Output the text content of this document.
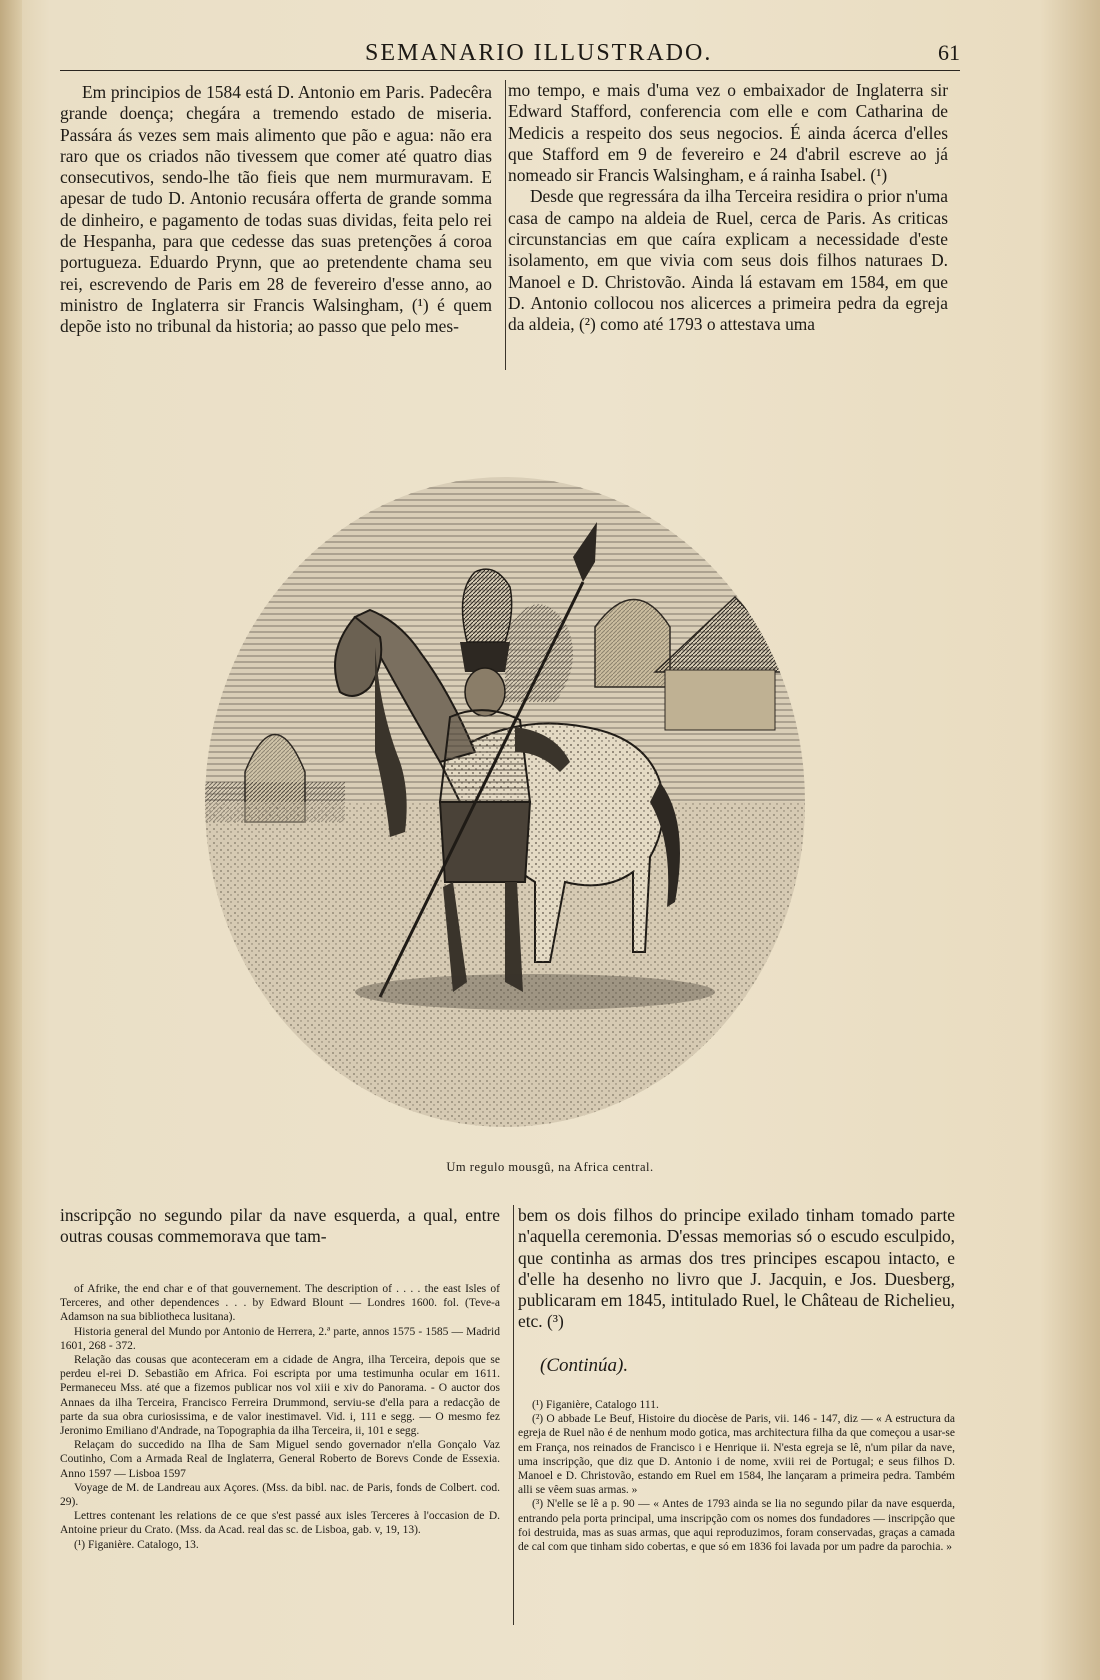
SEMANARIO ILLUSTRADO.	61

Em principios de 1584 está D. Antonio em Paris. Padecêra grande doença; chegára a tremendo estado de miseria. Passára ás vezes sem mais alimento que pão e agua: não era raro que os criados não tivessem que comer até quatro dias consecutivos, sendo-lhe tão fieis que nem murmuravam. E apesar de tudo D. Antonio recusára offerta de grande somma de dinheiro, e pagamento de todas suas dividas, feita pelo rei de Hespanha, para que cedesse das suas pretenções á coroa portugueza. Eduardo Prynn, que ao pretendente chama seu rei, escrevendo de Paris em 28 de fevereiro d'esse anno, ao ministro de Inglaterra sir Francis Walsingham, (¹) é quem depõe isto no tribunal da historia; ao passo que pelo mes-

mo tempo, e mais d'uma vez o embaixador de Inglaterra sir Edward Stafford, conferencia com elle e com Catharina de Medicis a respeito dos seus negocios. É ainda ácerca d'elles que Stafford em 9 de fevereiro e 24 d'abril escreve ao já nomeado sir Francis Walsingham, e á rainha Isabel. (¹)

Desde que regressára da ilha Terceira residira o prior n'uma casa de campo na aldeia de Ruel, cerca de Paris. As criticas circunstancias em que caíra explicam a necessidade d'este isolamento, em que vivia com seus dois filhos naturaes D. Manoel e D. Christovão. Ainda lá estavam em 1584, em que D. Antonio collocou nos alicerces a primeira pedra da egreja da aldeia, (²) como até 1793 o attestava uma

Um regulo mousgû, na Africa central.

inscripção no segundo pilar da nave esquerda, a qual, entre outras cousas commemorava que tam-

bem os dois filhos do principe exilado tinham tomado parte n'aquella ceremonia. D'essas memorias só o escudo esculpido, que continha as armas dos tres principes escapou intacto, e d'elle ha desenho no livro que J. Jacquin, e Jos. Duesberg, publicaram em 1845, intitulado Ruel, le Château de Richelieu, etc. (³)

(Continúa).

of Afrike, the end char e of that gouvernement. The description of . . . . the east Isles of Terceres, and other dependences . . . by Edward Blount — Londres 1600. fol. (Teve-a Adamson na sua bibliotheca lusitana).

Historia general del Mundo por Antonio de Herrera, 2.ª parte, annos 1575 - 1585 — Madrid 1601, 268 - 372.

Relação das cousas que aconteceram em a cidade de Angra, ilha Terceira, depois que se perdeu el-rei D. Sebastião em Africa. Foi escripta por uma testimunha ocular em 1611. Permaneceu Mss. até que a fizemos publicar nos vol xiii e xiv do Panorama. - O auctor dos Annaes da ilha Terceira, Francisco Ferreira Drummond, serviu-se d'ella para a redacção de parte da sua obra curiosissima, e de valor inestimavel. Vid. i, 111 e segg. — O mesmo fez Jeronimo Emiliano d'Andrade, na Topographia da ilha Terceira, ii, 101 e segg.

Relaçam do succedido na Ilha de Sam Miguel sendo governador n'ella Gonçalo Vaz Coutinho, Com a Armada Real de Inglaterra, General Roberto de Borevs Conde de Essexia. Anno 1597 — Lisboa 1597

Voyage de M. de Landreau aux Açores. (Mss. da bibl. nac. de Paris, fonds de Colbert. cod. 29).

Lettres contenant les relations de ce que s'est passé aux isles Terceres à l'occasion de D. Antoine prieur du Crato. (Mss. da Acad. real das sc. de Lisboa, gab. v, 19, 13).

(¹) Figanière. Catalogo, 13.

(¹) Figanière, Catalogo 111.

(²) O abbade Le Beuf, Histoire du diocèse de Paris, vii. 146 - 147, diz — « A estructura da egreja de Ruel não é de nenhum modo gotica, mas architectura filha da que começou a usar-se em França, nos reinados de Francisco i e Henrique ii. N'esta egreja se lê, n'um pilar da nave, uma inscripção, que diz que D. Antonio i de nome, xviii rei de Portugal; e seus filhos D. Manoel e D. Christovão, estando em Ruel em 1584, lhe lançaram a primeira pedra. Também alli se vêem suas armas. »

(³) N'elle se lê a p. 90 — « Antes de 1793 ainda se lia no segundo pilar da nave esquerda, entrando pela porta principal, uma inscripção com os nomes dos fundadores — inscripção que foi destruida, mas as suas armas, que aqui reproduzimos, foram conservadas, graças a camada de cal com que tinham sido cobertas, e que só em 1836 foi lavada por um padre da parochia. »
